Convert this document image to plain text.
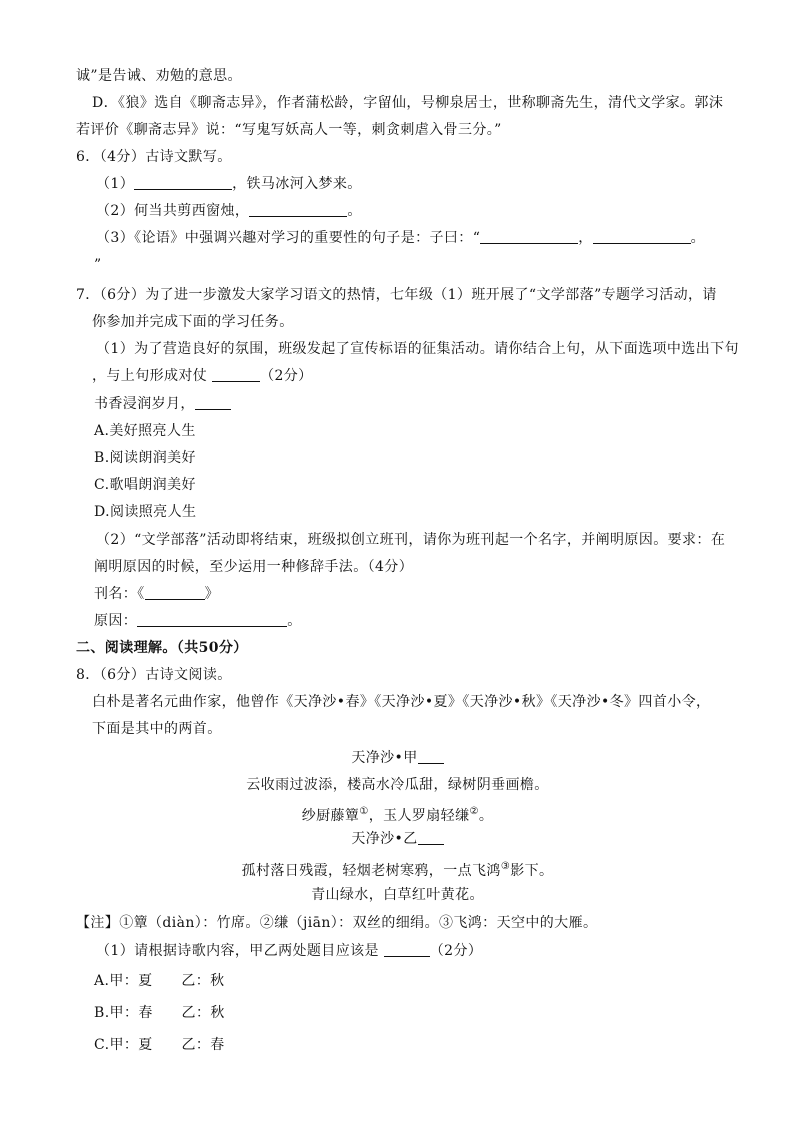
诚”是告诫、劝勉的意思。
D．《狼》选自《聊斋志异》，作者蒲松龄，字留仙，号柳泉居士，世称聊斋先生，清代文学家。郭沫
若评价《聊斋志异》说：“写鬼写妖高人一等，刺贪刺虐入骨三分。”
6．（4分）古诗文默写。
（1）	，铁马冰河入梦来。
（2）何当共剪西窗烛，	。
（3）《论语》中强调兴趣对学习的重要性的句子是：子曰：“	，	。
”
7．（6分）为了进一步激发大家学习语文的热情，七年级（1）班开展了“文学部落”专题学习活动，请
你参加并完成下面的学习任务。
（1）为了营造良好的氛围，班级发起了宣传标语的征集活动。请你结合上句，从下面选项中选出下句
，与上句形成对仗	（2分）
书香浸润岁月，
A.美好照亮人生
B.阅读朗润美好
C.歌唱朗润美好
D.阅读照亮人生
（2）“文学部落”活动即将结束，班级拟创立班刊，请你为班刊起一个名字，并阐明原因。要求：在
阐明原因的时候，至少运用一种修辞手法。（4分）
刊名：《	》
原因：	。
二、阅读理解。（共50分）
8．（6分）古诗文阅读。
白朴是著名元曲作家，他曾作《天净沙•春》《天净沙•夏》《天净沙•秋》《天净沙•冬》四首小令，
下面是其中的两首。
天净沙•甲
云收雨过波添，楼高水冷瓜甜，绿树阴垂画檐。
纱厨藤簟①，玉人罗扇轻缣②。
天净沙•乙
孤村落日残霞，轻烟老树寒鸦，一点飞鸿③影下。
青山绿水，白草红叶黄花。
【注】①簟（diàn）：竹席。②缣（jiān）：双丝的细绢。③飞鸿：天空中的大雁。
（1）请根据诗歌内容，甲乙两处题目应该是	（2分）
A.甲：夏　　乙：秋
B.甲：春　　乙：秋
C.甲：夏　　乙：春
